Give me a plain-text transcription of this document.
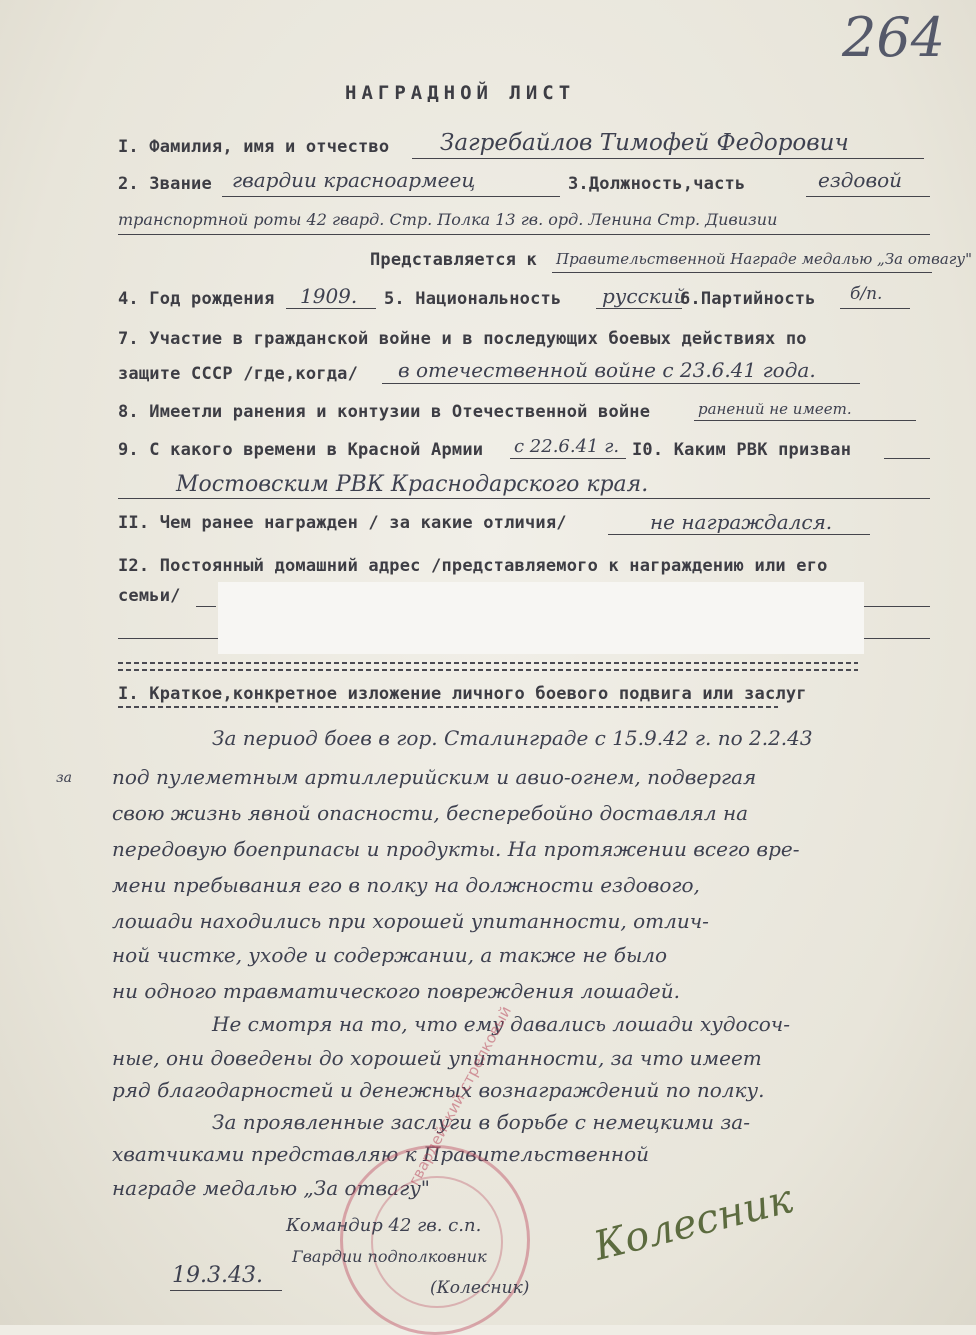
264
НАГРАДНОЙ ЛИСТ
I. Фамилия, имя и отчество Загребайлов Тимофей Федорович
2. Звание гвардии красноармеец	3.Должность,часть	ездовой
транспортной роты 42 гвард. Стр. Полка 13 гв. орд. Ленина Стр. Дивизии
Представляется к Правительственной Награде медалью „За отвагу"
4. Год рождения 1909. 5. Национальность русский
6.Партийность б/п.
7. Участие в гражданской войне и в последующих боевых действиях по
защите СССР /где,когда/ в отечественной войне с 23.6.41 года.
8. Имеетли ранения и контузии в Отечественной войне	ранений не имеет.
9. С какого времени в Красной Армии с 22.6.41 г. I0. Каким РВК призван
Мостовским РВК Краснодарского края.
II. Чем ранее награжден / за какие отличия/	не награждался.
I2. Постоянный домашний адрес /представляемого к награждению или его
семьи/
I. Краткое,конкретное изложение личного боевого подвига или заслуг
за
За период боев в гор. Сталинграде с 15.9.42 г. по 2.2.43
под пулеметным артиллерийским и авио-огнем, подвергая
свою жизнь явной опасности, бесперебойно доставлял на
передовую боеприпасы и продукты. На протяжении всего вре-
мени пребывания его в полку на должности ездового,
лошади находились при хорошей упитанности, отлич-
ной чистке, уходе и содержании, а также не было
ни одного травматического повреждения лошадей.
Не смотря на то, что ему давались лошади худосоч-
ные, они доведены до хорошей упитанности, за что имеет
ряд благодарностей и денежных вознаграждений по полку.
За проявленные заслуги в борьбе с немецкими за-
хватчиками представляю к Правительственной
награде медалью „За отвагу"
гвардейский стрелковый
Командир 42 гв. с.п.
Гвардии подполковник
(Колесник)
Колесник
19.3.43.
